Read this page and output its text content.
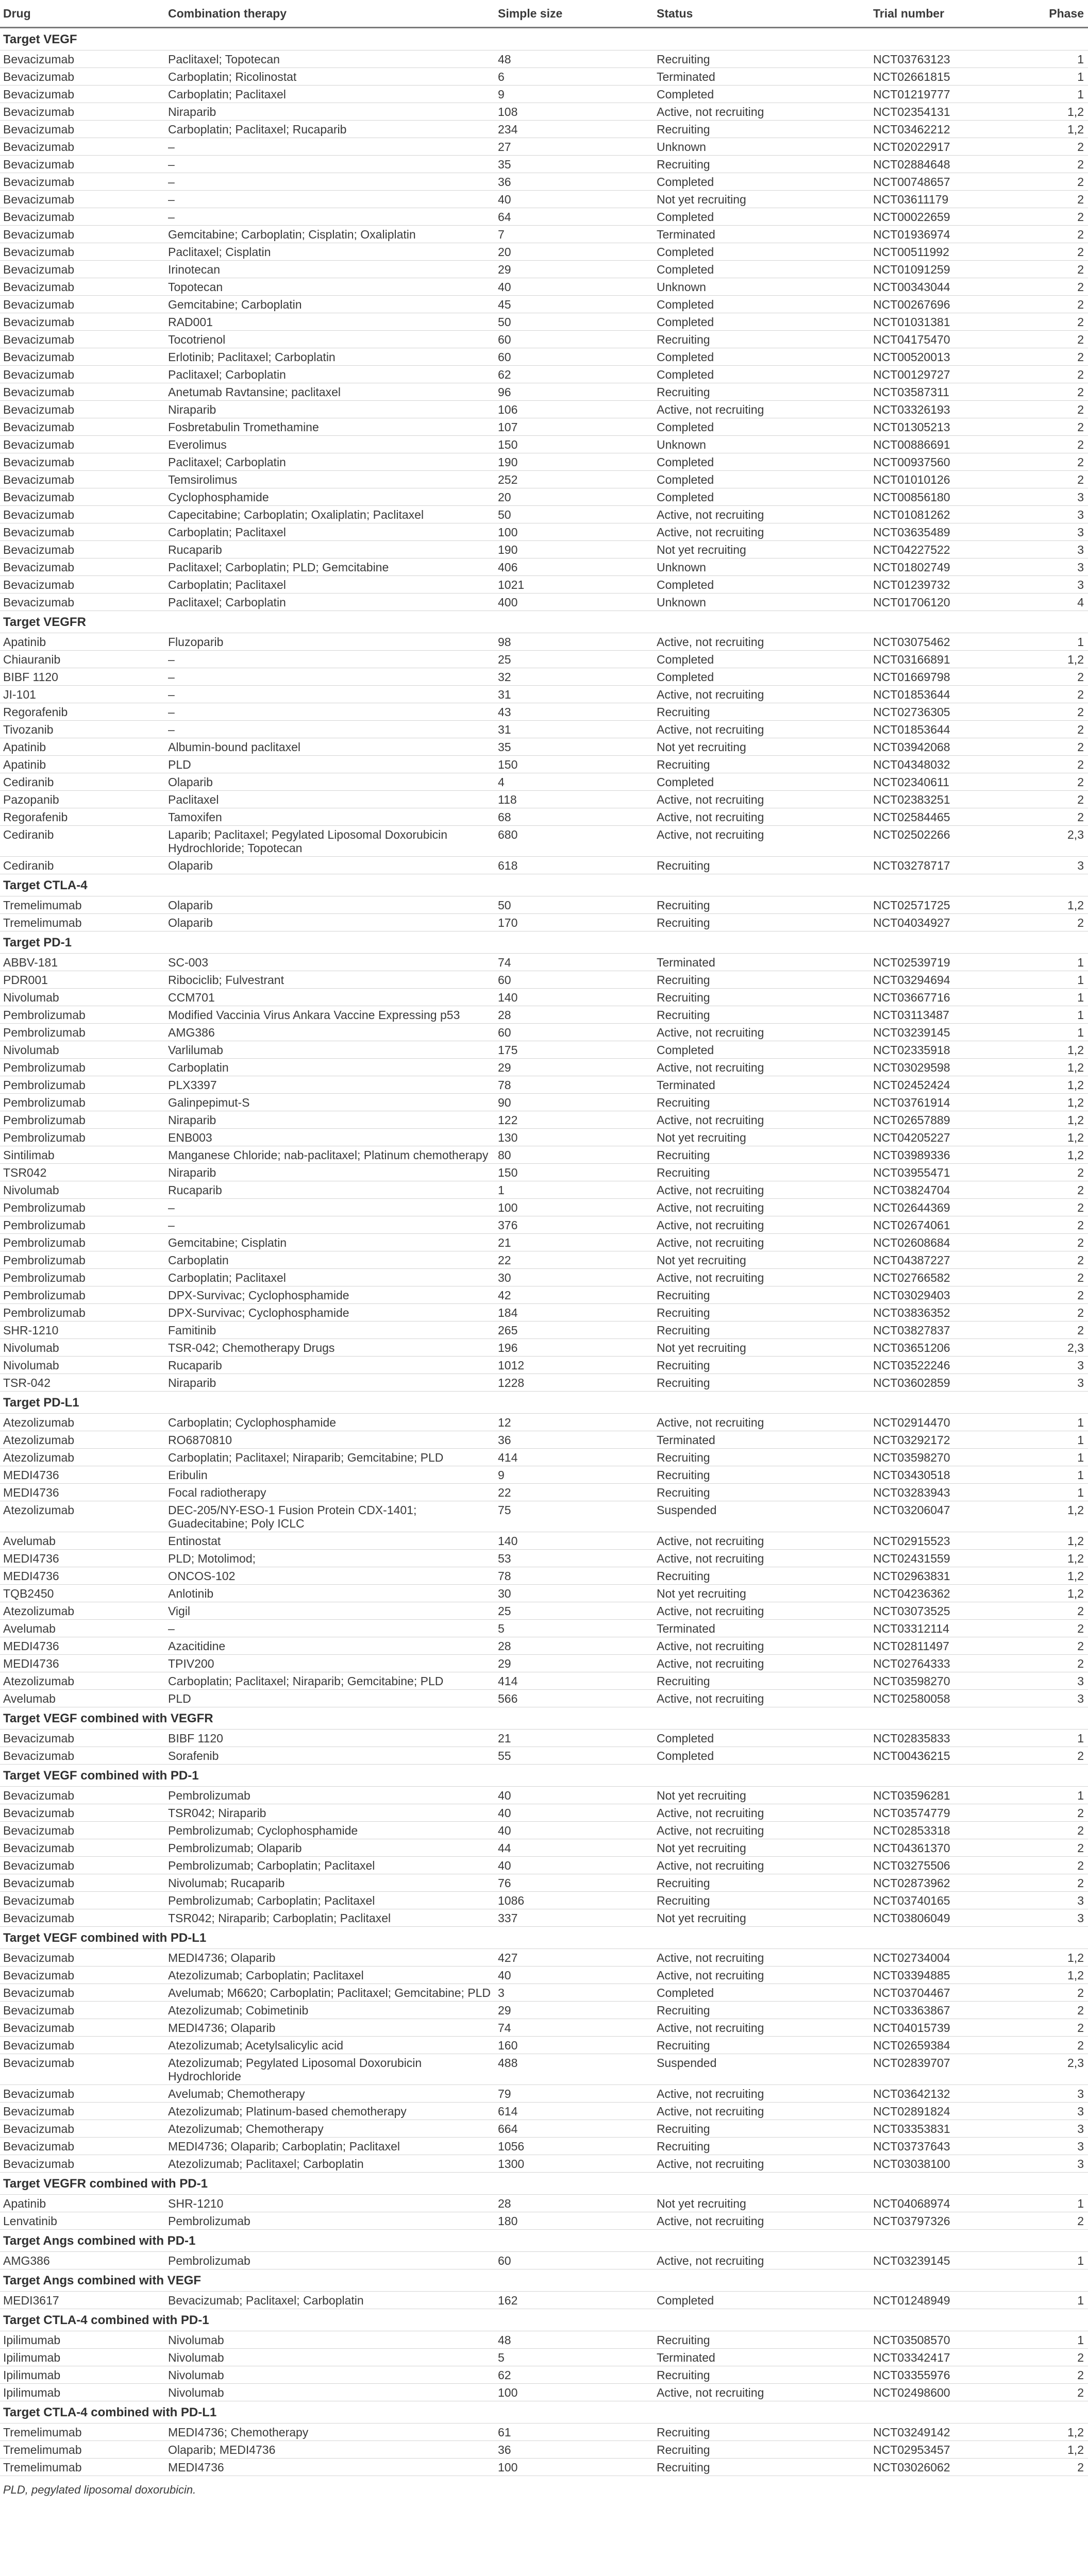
Drug	Combination therapy	Simple size	Status	Trial number	Phase
Target VEGF					
Bevacizumab	Paclitaxel; Topotecan	48	Recruiting	NCT03763123	1
Bevacizumab	Carboplatin; Ricolinostat	6	Terminated	NCT02661815	1
Bevacizumab	Carboplatin; Paclitaxel	9	Completed	NCT01219777	1
Bevacizumab	Niraparib	108	Active, not recruiting	NCT02354131	1,2
Bevacizumab	Carboplatin; Paclitaxel; Rucaparib	234	Recruiting	NCT03462212	1,2
Bevacizumab	–	27	Unknown	NCT02022917	2
Bevacizumab	–	35	Recruiting	NCT02884648	2
Bevacizumab	–	36	Completed	NCT00748657	2
Bevacizumab	–	40	Not yet recruiting	NCT03611179	2
Bevacizumab	–	64	Completed	NCT00022659	2
Bevacizumab	Gemcitabine; Carboplatin; Cisplatin; Oxaliplatin	7	Terminated	NCT01936974	2
Bevacizumab	Paclitaxel; Cisplatin	20	Completed	NCT00511992	2
Bevacizumab	Irinotecan	29	Completed	NCT01091259	2
Bevacizumab	Topotecan	40	Unknown	NCT00343044	2
Bevacizumab	Gemcitabine; Carboplatin	45	Completed	NCT00267696	2
Bevacizumab	RAD001	50	Completed	NCT01031381	2
Bevacizumab	Tocotrienol	60	Recruiting	NCT04175470	2
Bevacizumab	Erlotinib; Paclitaxel; Carboplatin	60	Completed	NCT00520013	2
Bevacizumab	Paclitaxel; Carboplatin	62	Completed	NCT00129727	2
Bevacizumab	Anetumab Ravtansine; paclitaxel	96	Recruiting	NCT03587311	2
Bevacizumab	Niraparib	106	Active, not recruiting	NCT03326193	2
Bevacizumab	Fosbretabulin Tromethamine	107	Completed	NCT01305213	2
Bevacizumab	Everolimus	150	Unknown	NCT00886691	2
Bevacizumab	Paclitaxel; Carboplatin	190	Completed	NCT00937560	2
Bevacizumab	Temsirolimus	252	Completed	NCT01010126	2
Bevacizumab	Cyclophosphamide	20	Completed	NCT00856180	3
Bevacizumab	Capecitabine; Carboplatin; Oxaliplatin; Paclitaxel	50	Active, not recruiting	NCT01081262	3
Bevacizumab	Carboplatin; Paclitaxel	100	Active, not recruiting	NCT03635489	3
Bevacizumab	Rucaparib	190	Not yet recruiting	NCT04227522	3
Bevacizumab	Paclitaxel; Carboplatin; PLD; Gemcitabine	406	Unknown	NCT01802749	3
Bevacizumab	Carboplatin; Paclitaxel	1021	Completed	NCT01239732	3
Bevacizumab	Paclitaxel; Carboplatin	400	Unknown	NCT01706120	4
Target VEGFR					
Apatinib	Fluzoparib	98	Active, not recruiting	NCT03075462	1
Chiauranib	–	25	Completed	NCT03166891	1,2
BIBF 1120	–	32	Completed	NCT01669798	2
JI-101	–	31	Active, not recruiting	NCT01853644	2
Regorafenib	–	43	Recruiting	NCT02736305	2
Tivozanib	–	31	Active, not recruiting	NCT01853644	2
Apatinib	Albumin-bound paclitaxel	35	Not yet recruiting	NCT03942068	2
Apatinib	PLD	150	Recruiting	NCT04348032	2
Cediranib	Olaparib	4	Completed	NCT02340611	2
Pazopanib	Paclitaxel	118	Active, not recruiting	NCT02383251	2
Regorafenib	Tamoxifen	68	Active, not recruiting	NCT02584465	2
Cediranib	Laparib; Paclitaxel; Pegylated Liposomal Doxorubicin Hydrochloride; Topotecan	680	Active, not recruiting	NCT02502266	2,3
Cediranib	Olaparib	618	Recruiting	NCT03278717	3
Target CTLA-4					
Tremelimumab	Olaparib	50	Recruiting	NCT02571725	1,2
Tremelimumab	Olaparib	170	Recruiting	NCT04034927	2
Target PD-1					
ABBV-181	SC-003	74	Terminated	NCT02539719	1
PDR001	Ribociclib; Fulvestrant	60	Recruiting	NCT03294694	1
Nivolumab	CCM701	140	Recruiting	NCT03667716	1
Pembrolizumab	Modified Vaccinia Virus Ankara Vaccine Expressing p53	28	Recruiting	NCT03113487	1
Pembrolizumab	AMG386	60	Active, not recruiting	NCT03239145	1
Nivolumab	Varlilumab	175	Completed	NCT02335918	1,2
Pembrolizumab	Carboplatin	29	Active, not recruiting	NCT03029598	1,2
Pembrolizumab	PLX3397	78	Terminated	NCT02452424	1,2
Pembrolizumab	Galinpepimut-S	90	Recruiting	NCT03761914	1,2
Pembrolizumab	Niraparib	122	Active, not recruiting	NCT02657889	1,2
Pembrolizumab	ENB003	130	Not yet recruiting	NCT04205227	1,2
Sintilimab	Manganese Chloride; nab-paclitaxel; Platinum chemotherapy	80	Recruiting	NCT03989336	1,2
TSR042	Niraparib	150	Recruiting	NCT03955471	2
Nivolumab	Rucaparib	1	Active, not recruiting	NCT03824704	2
Pembrolizumab	–	100	Active, not recruiting	NCT02644369	2
Pembrolizumab	–	376	Active, not recruiting	NCT02674061	2
Pembrolizumab	Gemcitabine; Cisplatin	21	Active, not recruiting	NCT02608684	2
Pembrolizumab	Carboplatin	22	Not yet recruiting	NCT04387227	2
Pembrolizumab	Carboplatin; Paclitaxel	30	Active, not recruiting	NCT02766582	2
Pembrolizumab	DPX-Survivac; Cyclophosphamide	42	Recruiting	NCT03029403	2
Pembrolizumab	DPX-Survivac; Cyclophosphamide	184	Recruiting	NCT03836352	2
SHR-1210	Famitinib	265	Recruiting	NCT03827837	2
Nivolumab	TSR-042; Chemotherapy Drugs	196	Not yet recruiting	NCT03651206	2,3
Nivolumab	Rucaparib	1012	Recruiting	NCT03522246	3
TSR-042	Niraparib	1228	Recruiting	NCT03602859	3
Target PD-L1					
Atezolizumab	Carboplatin; Cyclophosphamide	12	Active, not recruiting	NCT02914470	1
Atezolizumab	RO6870810	36	Terminated	NCT03292172	1
Atezolizumab	Carboplatin; Paclitaxel; Niraparib; Gemcitabine; PLD	414	Recruiting	NCT03598270	1
MEDI4736	Eribulin	9	Recruiting	NCT03430518	1
MEDI4736	Focal radiotherapy	22	Recruiting	NCT03283943	1
Atezolizumab	DEC-205/NY-ESO-1 Fusion Protein CDX-1401; Guadecitabine; Poly ICLC	75	Suspended	NCT03206047	1,2
Avelumab	Entinostat	140	Active, not recruiting	NCT02915523	1,2
MEDI4736	PLD; Motolimod;	53	Active, not recruiting	NCT02431559	1,2
MEDI4736	ONCOS-102	78	Recruiting	NCT02963831	1,2
TQB2450	Anlotinib	30	Not yet recruiting	NCT04236362	1,2
Atezolizumab	Vigil	25	Active, not recruiting	NCT03073525	2
Avelumab	–	5	Terminated	NCT03312114	2
MEDI4736	Azacitidine	28	Active, not recruiting	NCT02811497	2
MEDI4736	TPIV200	29	Active, not recruiting	NCT02764333	2
Atezolizumab	Carboplatin; Paclitaxel; Niraparib; Gemcitabine; PLD	414	Recruiting	NCT03598270	3
Avelumab	PLD	566	Active, not recruiting	NCT02580058	3
Target VEGF combined with VEGFR					
Bevacizumab	BIBF 1120	21	Completed	NCT02835833	1
Bevacizumab	Sorafenib	55	Completed	NCT00436215	2
Target VEGF combined with PD-1					
Bevacizumab	Pembrolizumab	40	Not yet recruiting	NCT03596281	1
Bevacizumab	TSR042; Niraparib	40	Active, not recruiting	NCT03574779	2
Bevacizumab	Pembrolizumab; Cyclophosphamide	40	Active, not recruiting	NCT02853318	2
Bevacizumab	Pembrolizumab; Olaparib	44	Not yet recruiting	NCT04361370	2
Bevacizumab	Pembrolizumab; Carboplatin; Paclitaxel	40	Active, not recruiting	NCT03275506	2
Bevacizumab	Nivolumab; Rucaparib	76	Recruiting	NCT02873962	2
Bevacizumab	Pembrolizumab; Carboplatin; Paclitaxel	1086	Recruiting	NCT03740165	3
Bevacizumab	TSR042; Niraparib; Carboplatin; Paclitaxel	337	Not yet recruiting	NCT03806049	3
Target VEGF combined with PD-L1					
Bevacizumab	MEDI4736; Olaparib	427	Active, not recruiting	NCT02734004	1,2
Bevacizumab	Atezolizumab; Carboplatin; Paclitaxel	40	Active, not recruiting	NCT03394885	1,2
Bevacizumab	Avelumab; M6620; Carboplatin; Paclitaxel; Gemcitabine; PLD	3	Completed	NCT03704467	2
Bevacizumab	Atezolizumab; Cobimetinib	29	Recruiting	NCT03363867	2
Bevacizumab	MEDI4736; Olaparib	74	Active, not recruiting	NCT04015739	2
Bevacizumab	Atezolizumab; Acetylsalicylic acid	160	Recruiting	NCT02659384	2
Bevacizumab	Atezolizumab; Pegylated Liposomal Doxorubicin Hydrochloride	488	Suspended	NCT02839707	2,3
Bevacizumab	Avelumab; Chemotherapy	79	Active, not recruiting	NCT03642132	3
Bevacizumab	Atezolizumab; Platinum-based chemotherapy	614	Active, not recruiting	NCT02891824	3
Bevacizumab	Atezolizumab; Chemotherapy	664	Recruiting	NCT03353831	3
Bevacizumab	MEDI4736; Olaparib; Carboplatin; Paclitaxel	1056	Recruiting	NCT03737643	3
Bevacizumab	Atezolizumab; Paclitaxel; Carboplatin	1300	Active, not recruiting	NCT03038100	3
Target VEGFR combined with PD-1					
Apatinib	SHR-1210	28	Not yet recruiting	NCT04068974	1
Lenvatinib	Pembrolizumab	180	Active, not recruiting	NCT03797326	2
Target Angs combined with PD-1					
AMG386	Pembrolizumab	60	Active, not recruiting	NCT03239145	1
Target Angs combined with VEGF					
MEDI3617	Bevacizumab; Paclitaxel; Carboplatin	162	Completed	NCT01248949	1
Target CTLA-4 combined with PD-1					
Ipilimumab	Nivolumab	48	Recruiting	NCT03508570	1
Ipilimumab	Nivolumab	5	Terminated	NCT03342417	2
Ipilimumab	Nivolumab	62	Recruiting	NCT03355976	2
Ipilimumab	Nivolumab	100	Active, not recruiting	NCT02498600	2
Target CTLA-4 combined with PD-L1					
Tremelimumab	MEDI4736; Chemotherapy	61	Recruiting	NCT03249142	1,2
Tremelimumab	Olaparib; MEDI4736	36	Recruiting	NCT02953457	1,2
Tremelimumab	MEDI4736	100	Recruiting	NCT03026062	2
PLD, pegylated liposomal doxorubicin.
